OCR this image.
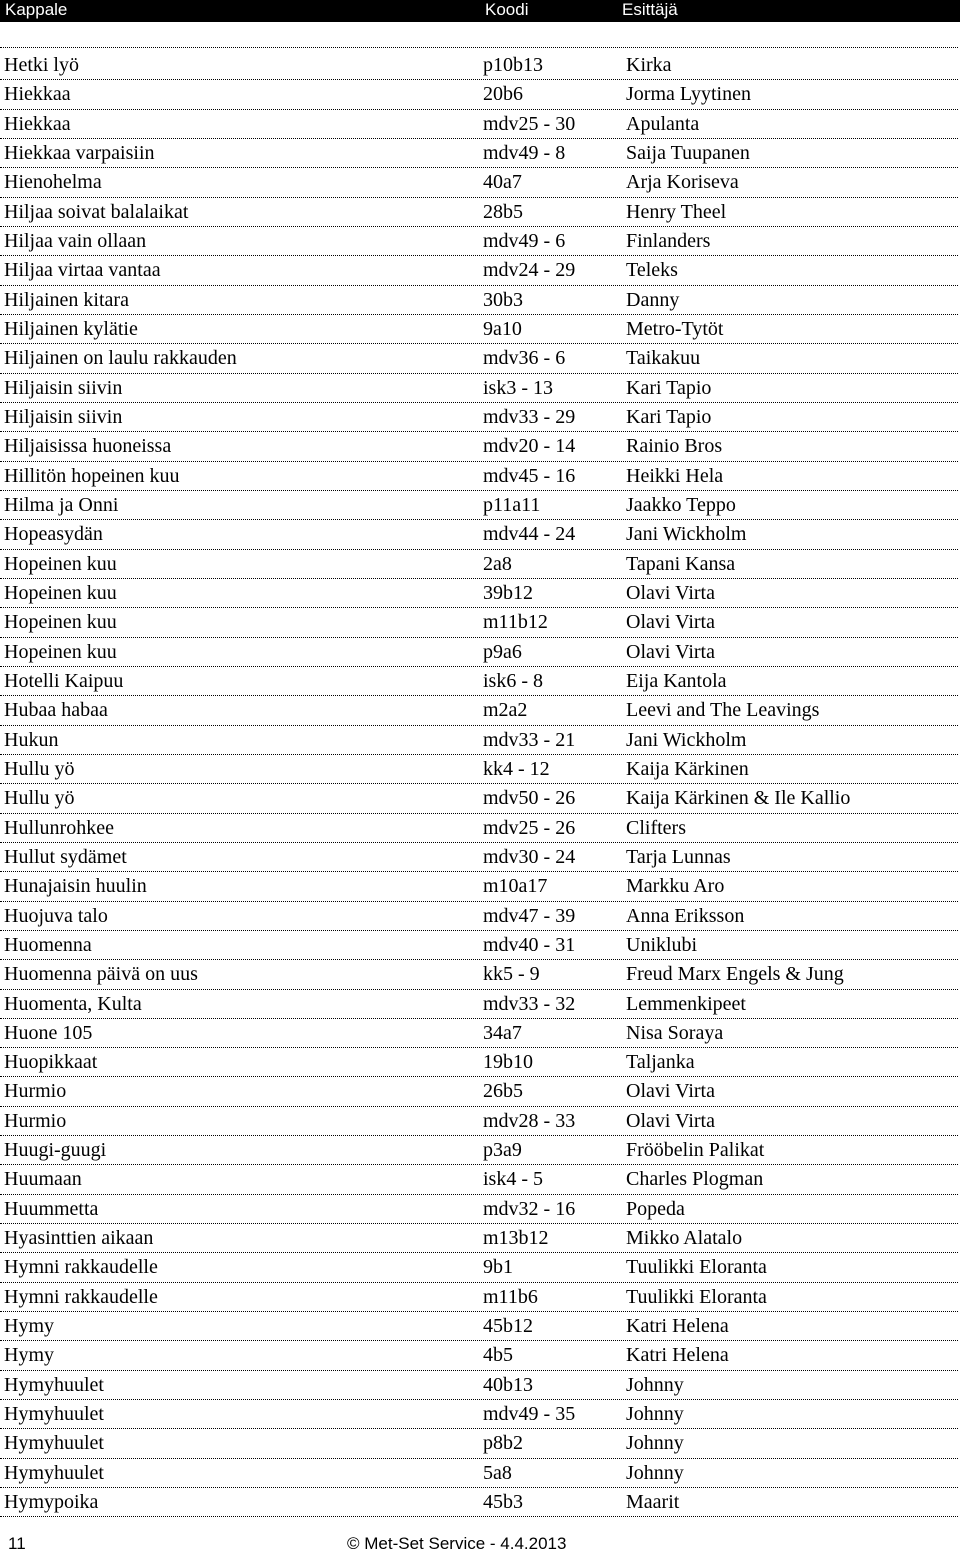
Kappale	Koodi	Esittäjä
Hetki lyö	p10b13	Kirka
Hiekkaa	20b6	Jorma Lyytinen
Hiekkaa	mdv25 - 30	Apulanta
Hiekkaa varpaisiin	mdv49 - 8	Saija Tuupanen
Hienohelma	40a7	Arja Koriseva
Hiljaa soivat balalaikat	28b5	Henry Theel
Hiljaa vain ollaan	mdv49 - 6	Finlanders
Hiljaa virtaa vantaa	mdv24 - 29	Teleks
Hiljainen kitara	30b3	Danny
Hiljainen kylätie	9a10	Metro-Tytöt
Hiljainen on laulu rakkauden	mdv36 - 6	Taikakuu
Hiljaisin siivin	isk3 - 13	Kari Tapio
Hiljaisin siivin	mdv33 - 29	Kari Tapio
Hiljaisissa huoneissa	mdv20 - 14	Rainio Bros
Hillitön hopeinen kuu	mdv45 - 16	Heikki Hela
Hilma ja Onni	p11a11	Jaakko Teppo
Hopeasydän	mdv44 - 24	Jani Wickholm
Hopeinen kuu	2a8	Tapani Kansa
Hopeinen kuu	39b12	Olavi Virta
Hopeinen kuu	m11b12	Olavi Virta
Hopeinen kuu	p9a6	Olavi Virta
Hotelli Kaipuu	isk6 - 8	Eija Kantola
Hubaa habaa	m2a2	Leevi and The Leavings
Hukun	mdv33 - 21	Jani Wickholm
Hullu yö	kk4 - 12	Kaija Kärkinen
Hullu yö	mdv50 - 26	Kaija Kärkinen & Ile Kallio
Hullunrohkee	mdv25 - 26	Clifters
Hullut sydämet	mdv30 - 24	Tarja Lunnas
Hunajaisin huulin	m10a17	Markku Aro
Huojuva talo	mdv47 - 39	Anna Eriksson
Huomenna	mdv40 - 31	Uniklubi
Huomenna päivä on uus	kk5 - 9	Freud Marx Engels & Jung
Huomenta, Kulta	mdv33 - 32	Lemmenkipeet
Huone 105	34a7	Nisa Soraya
Huopikkaat	19b10	Taljanka
Hurmio	26b5	Olavi Virta
Hurmio	mdv28 - 33	Olavi Virta
Huugi-guugi	p3a9	Frööbelin Palikat
Huumaan	isk4 - 5	Charles Plogman
Huummetta	mdv32 - 16	Popeda
Hyasinttien aikaan	m13b12	Mikko Alatalo
Hymni rakkaudelle	9b1	Tuulikki Eloranta
Hymni rakkaudelle	m11b6	Tuulikki Eloranta
Hymy	45b12	Katri Helena
Hymy	4b5	Katri Helena
Hymyhuulet	40b13	Johnny
Hymyhuulet	mdv49 - 35	Johnny
Hymyhuulet	p8b2	Johnny
Hymyhuulet	5a8	Johnny
Hymypoika	45b3	Maarit
11	© Met-Set Service - 4.4.2013
